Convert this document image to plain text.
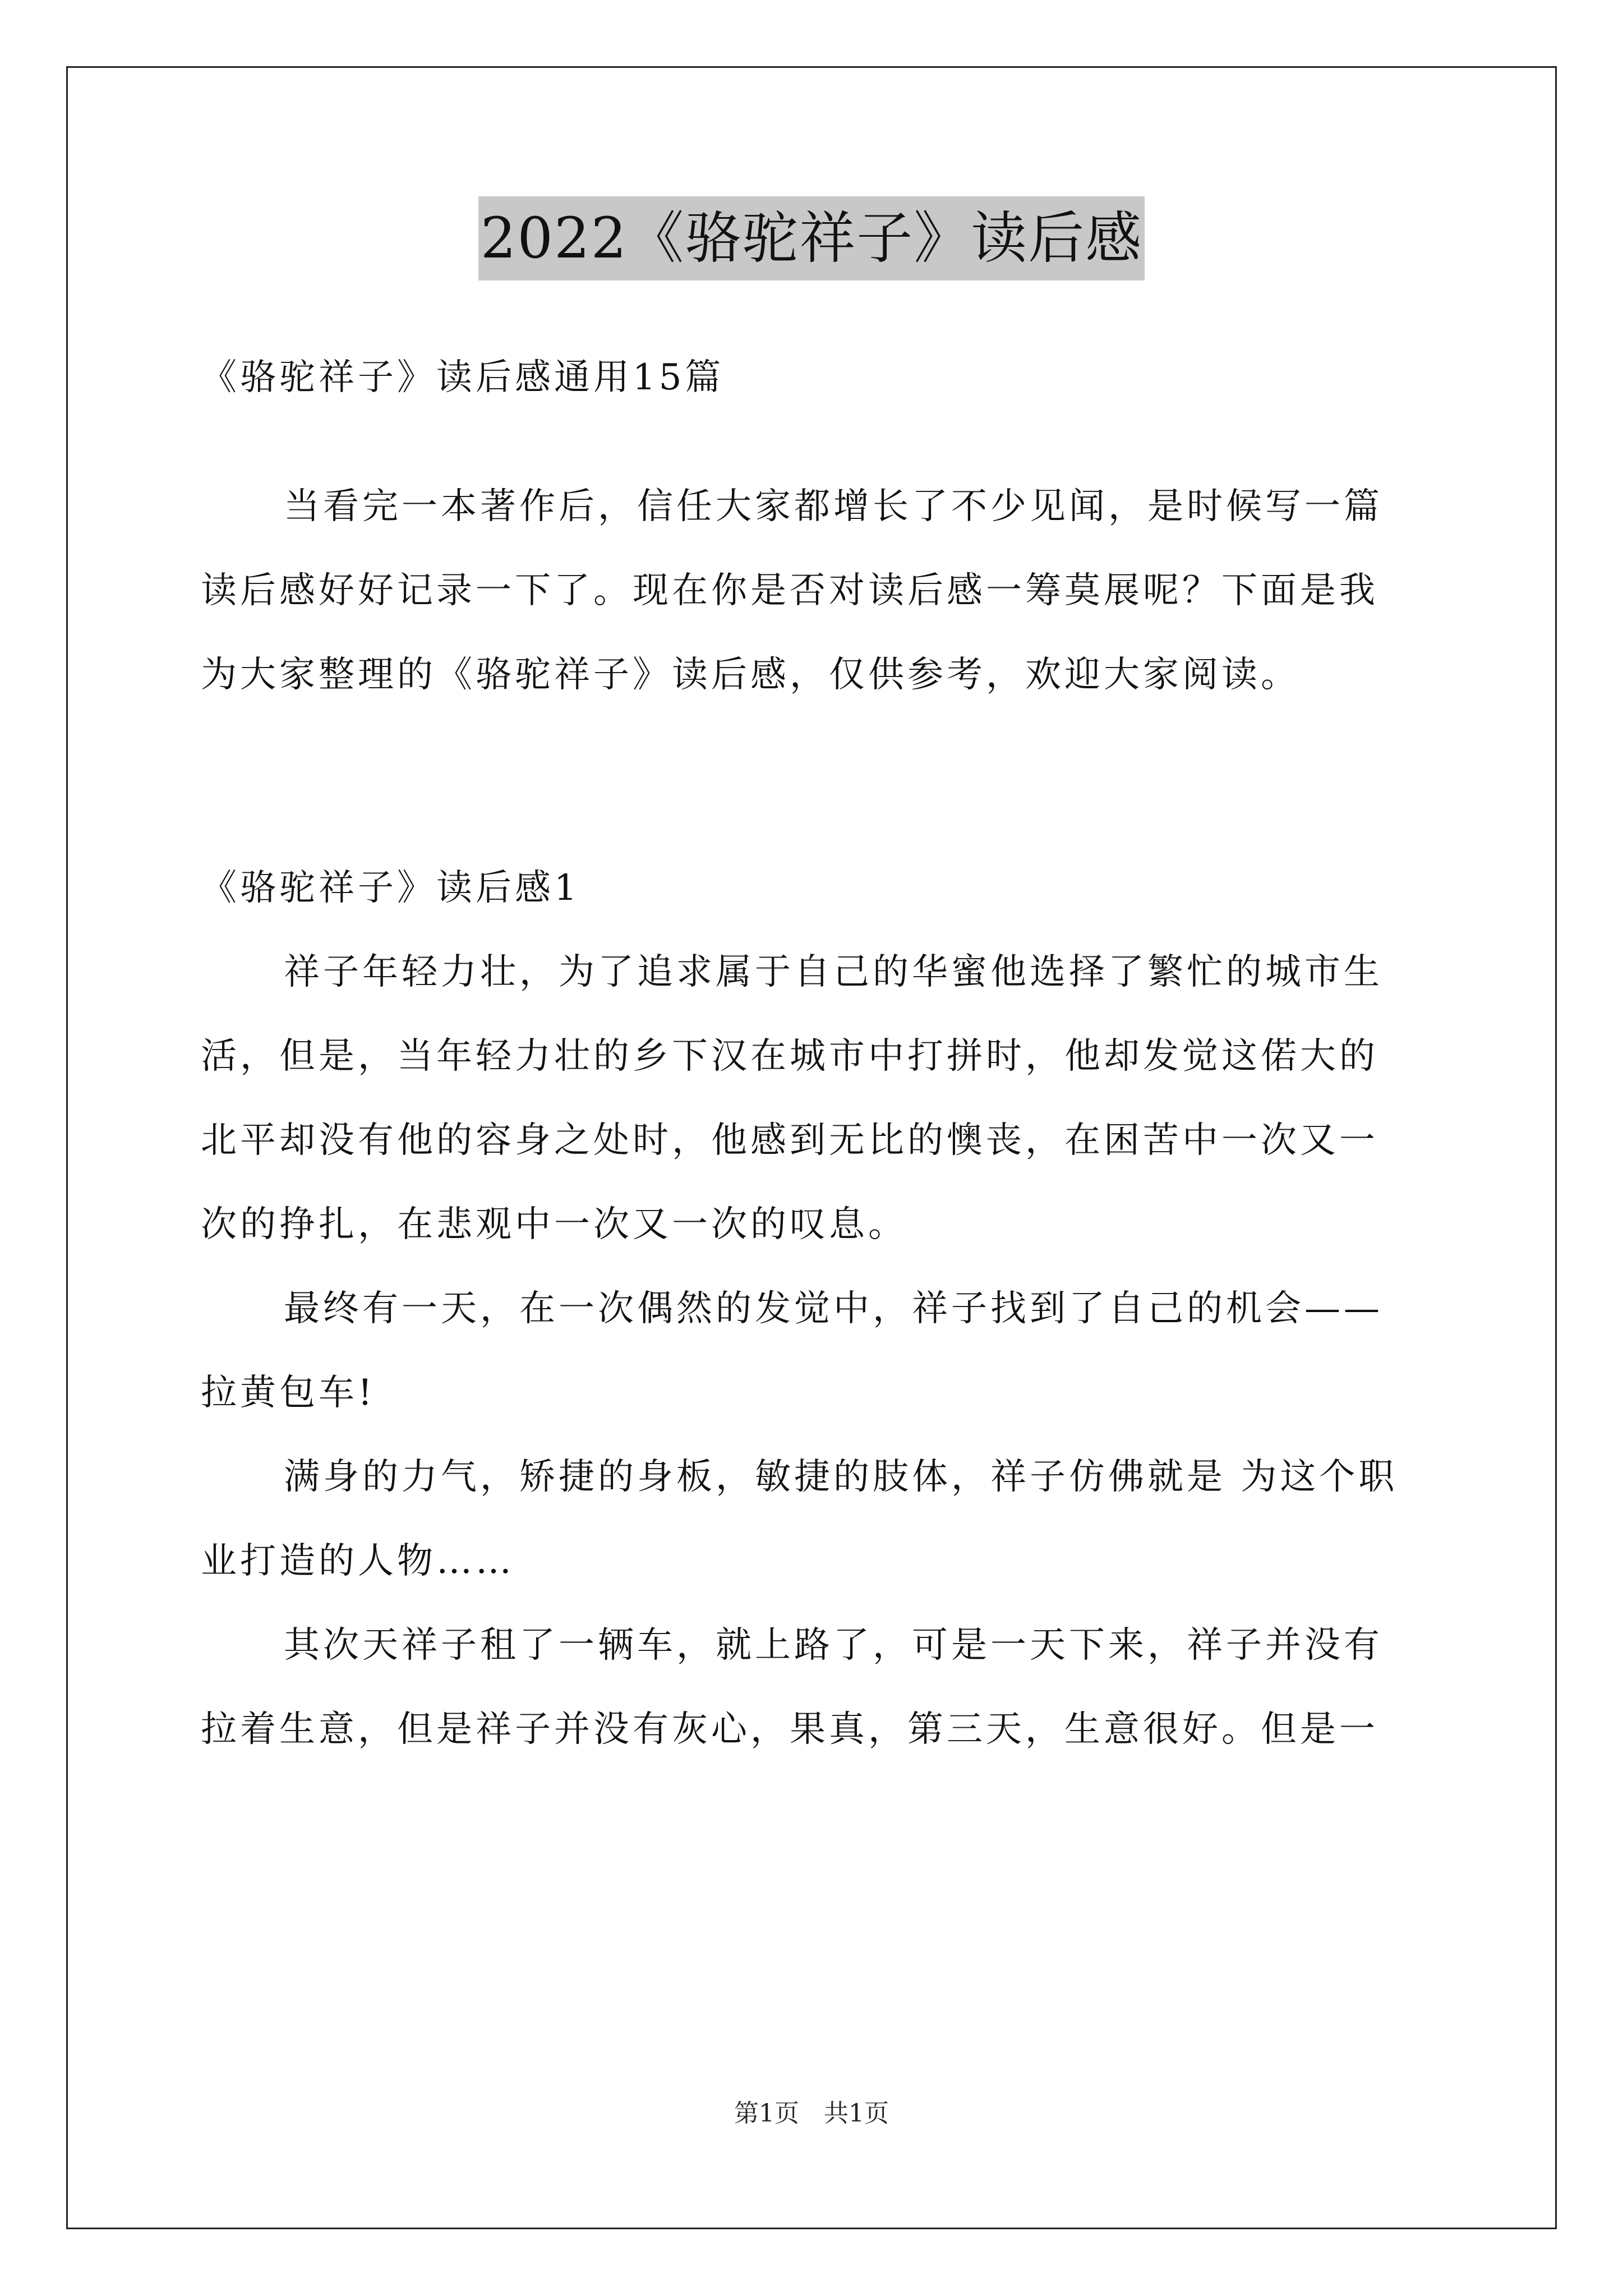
2022《骆驼祥子》读后感
《骆驼祥子》读后感通用15篇
当看完一本著作后，信任大家都增长了不少见闻，是时候写一篇
读后感好好记录一下了。现在你是否对读后感一筹莫展呢？下面是我
为大家整理的《骆驼祥子》读后感，仅供参考，欢迎大家阅读。
《骆驼祥子》读后感1
祥子年轻力壮，为了追求属于自己的华蜜他选择了繁忙的城市生
活，但是，当年轻力壮的乡下汉在城市中打拼时，他却发觉这偌大的
北平却没有他的容身之处时，他感到无比的懊丧，在困苦中一次又一
次的挣扎，在悲观中一次又一次的叹息。
最终有一天，在一次偶然的发觉中，祥子找到了自己的机会——
拉黄包车!
满身的力气，矫捷的身板，敏捷的肢体，祥子仿佛就是 为这个职
业打造的人物……
其次天祥子租了一辆车，就上路了，可是一天下来，祥子并没有
拉着生意，但是祥子并没有灰心，果真，第三天，生意很好。但是一
第1页　共1页
